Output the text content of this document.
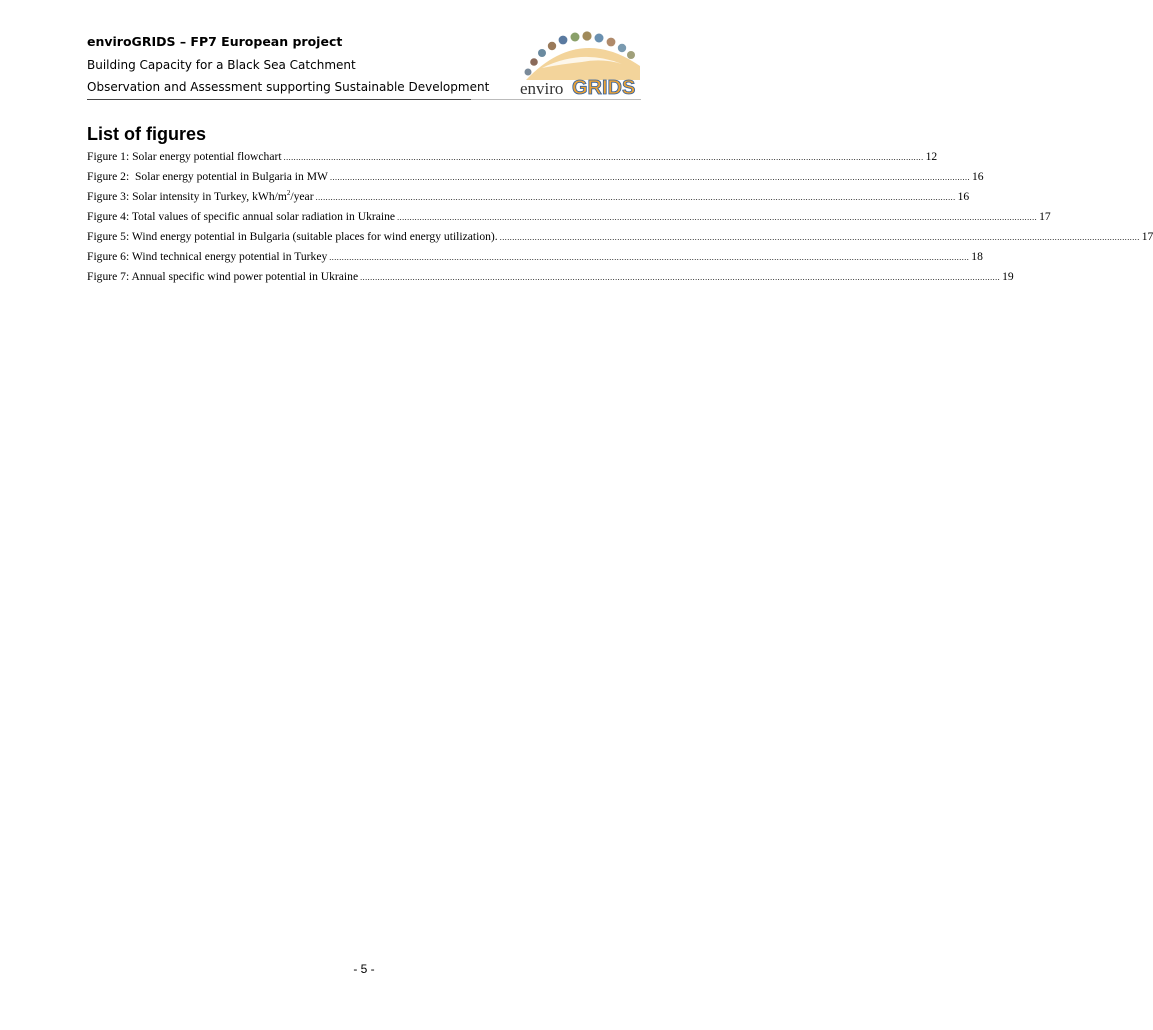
enviroGRIDS – FP7 European project
Building Capacity for a Black Sea Catchment
Observation and Assessment supporting Sustainable Development enviro GRIDS
List of figures
Figure 1: Solar energy potential flowchart ................................................................................................................................................................................................................................................................ 12
Figure 2:  Solar energy potential in Bulgaria in MW ................................................................................................................................................................................................................................................................ 16
Figure 3: Solar intensity in Turkey, kWh/$m^2$/year ................................................................................................................................................................................................................................................................ 16
Figure 4: Total values of specific annual solar radiation in Ukraine ................................................................................................................................................................................................................................................................ 17
Figure 5: Wind energy potential in Bulgaria (suitable places for wind energy utilization). ................................................................................................................................................................................................................................................................ 17
Figure 6: Wind technical energy potential in Turkey ................................................................................................................................................................................................................................................................ 18
Figure 7: Annual specific wind power potential in Ukraine ................................................................................................................................................................................................................................................................ 19
- 5 -
